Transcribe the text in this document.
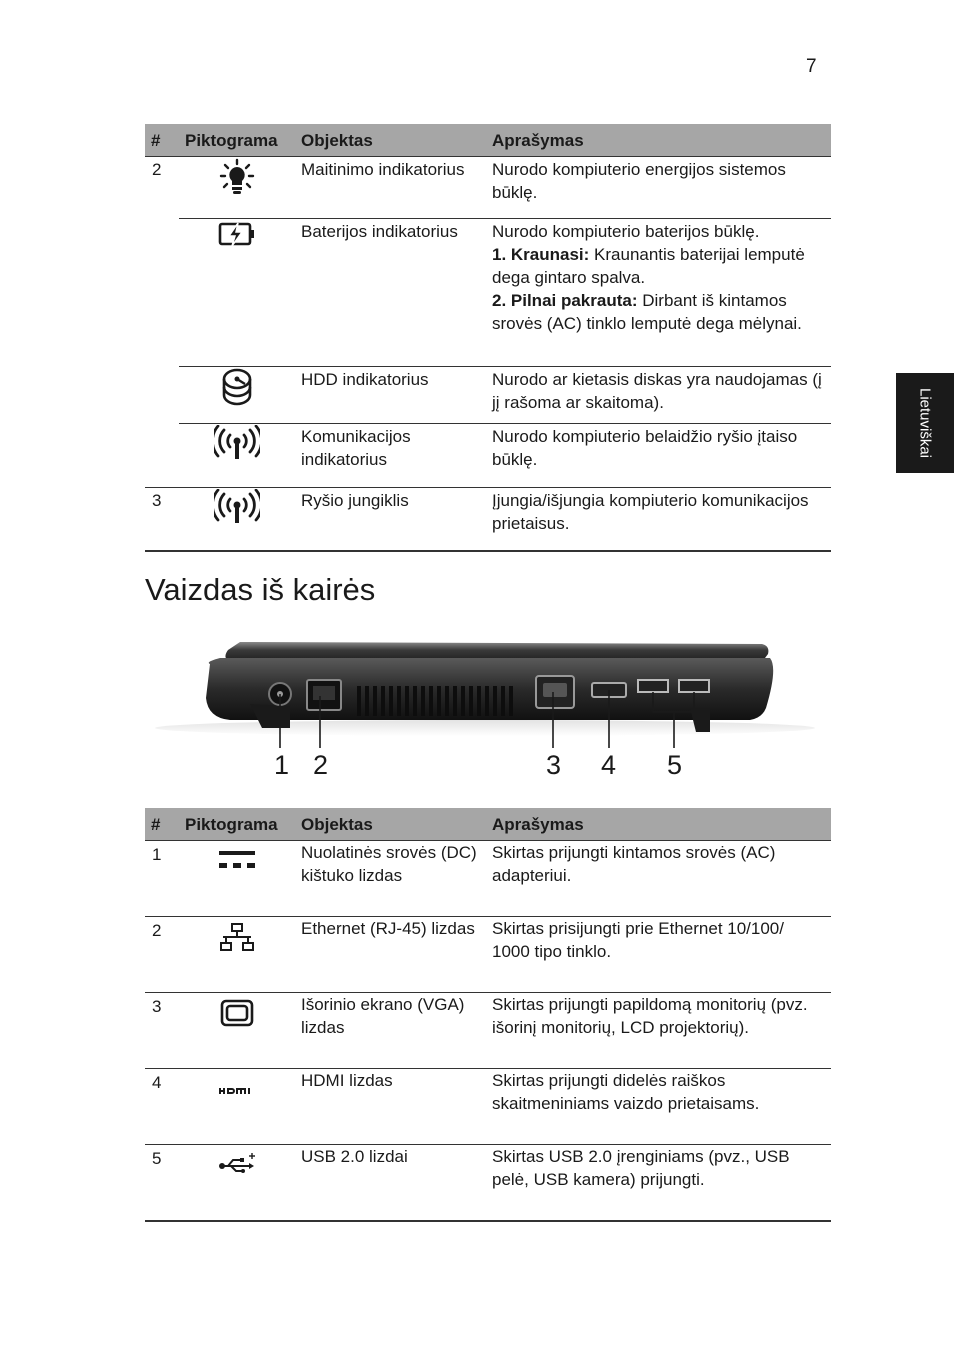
7
Lietuviškai
#	Piktograma	Objektas	Aprašymas
2		Maitinimo indikatorius	Nurodo kompiuterio energijos sistemos būklę.
		Baterijos indikatorius	Nurodo kompiuterio baterijos būklę.
1. Kraunasi: Kraunantis baterijai lemputė dega gintaro spalva.
2. Pilnai pakrauta: Dirbant iš kintamos srovės (AC) tinklo lemputė dega mėlynai.

		HDD indikatorius	Nurodo ar kietasis diskas yra naudojamas (į jį rašoma ar skaitoma).
		Komunikacijos indikatorius	Nurodo kompiuterio belaidžio ryšio įtaiso būklę.
3		Ryšio jungiklis	Įjungia/išjungia kompiuterio komunikacijos prietaisus.
Vaizdas iš kairės
1 2	3 4 5
#	Piktograma	Objektas	Aprašymas
1		Nuolatinės srovės (DC) kištuko lizdas	Skirtas prijungti kintamos srovės (AC) adapteriui.
2		Ethernet (RJ-45) lizdas	Skirtas prisijungti prie Ethernet 10/100/ 1000 tipo tinklo.
3		Išorinio ekrano (VGA) lizdas	Skirtas prijungti papildomą monitorių (pvz. išorinį monitorių, LCD projektorių).
4		HDMI lizdas	Skirtas prijungti didelės raiškos skaitmeniniams vaizdo prietaisams.
5		USB 2.0 lizdai	Skirtas USB 2.0 įrenginiams (pvz., USB pelė, USB kamera) prijungti.
